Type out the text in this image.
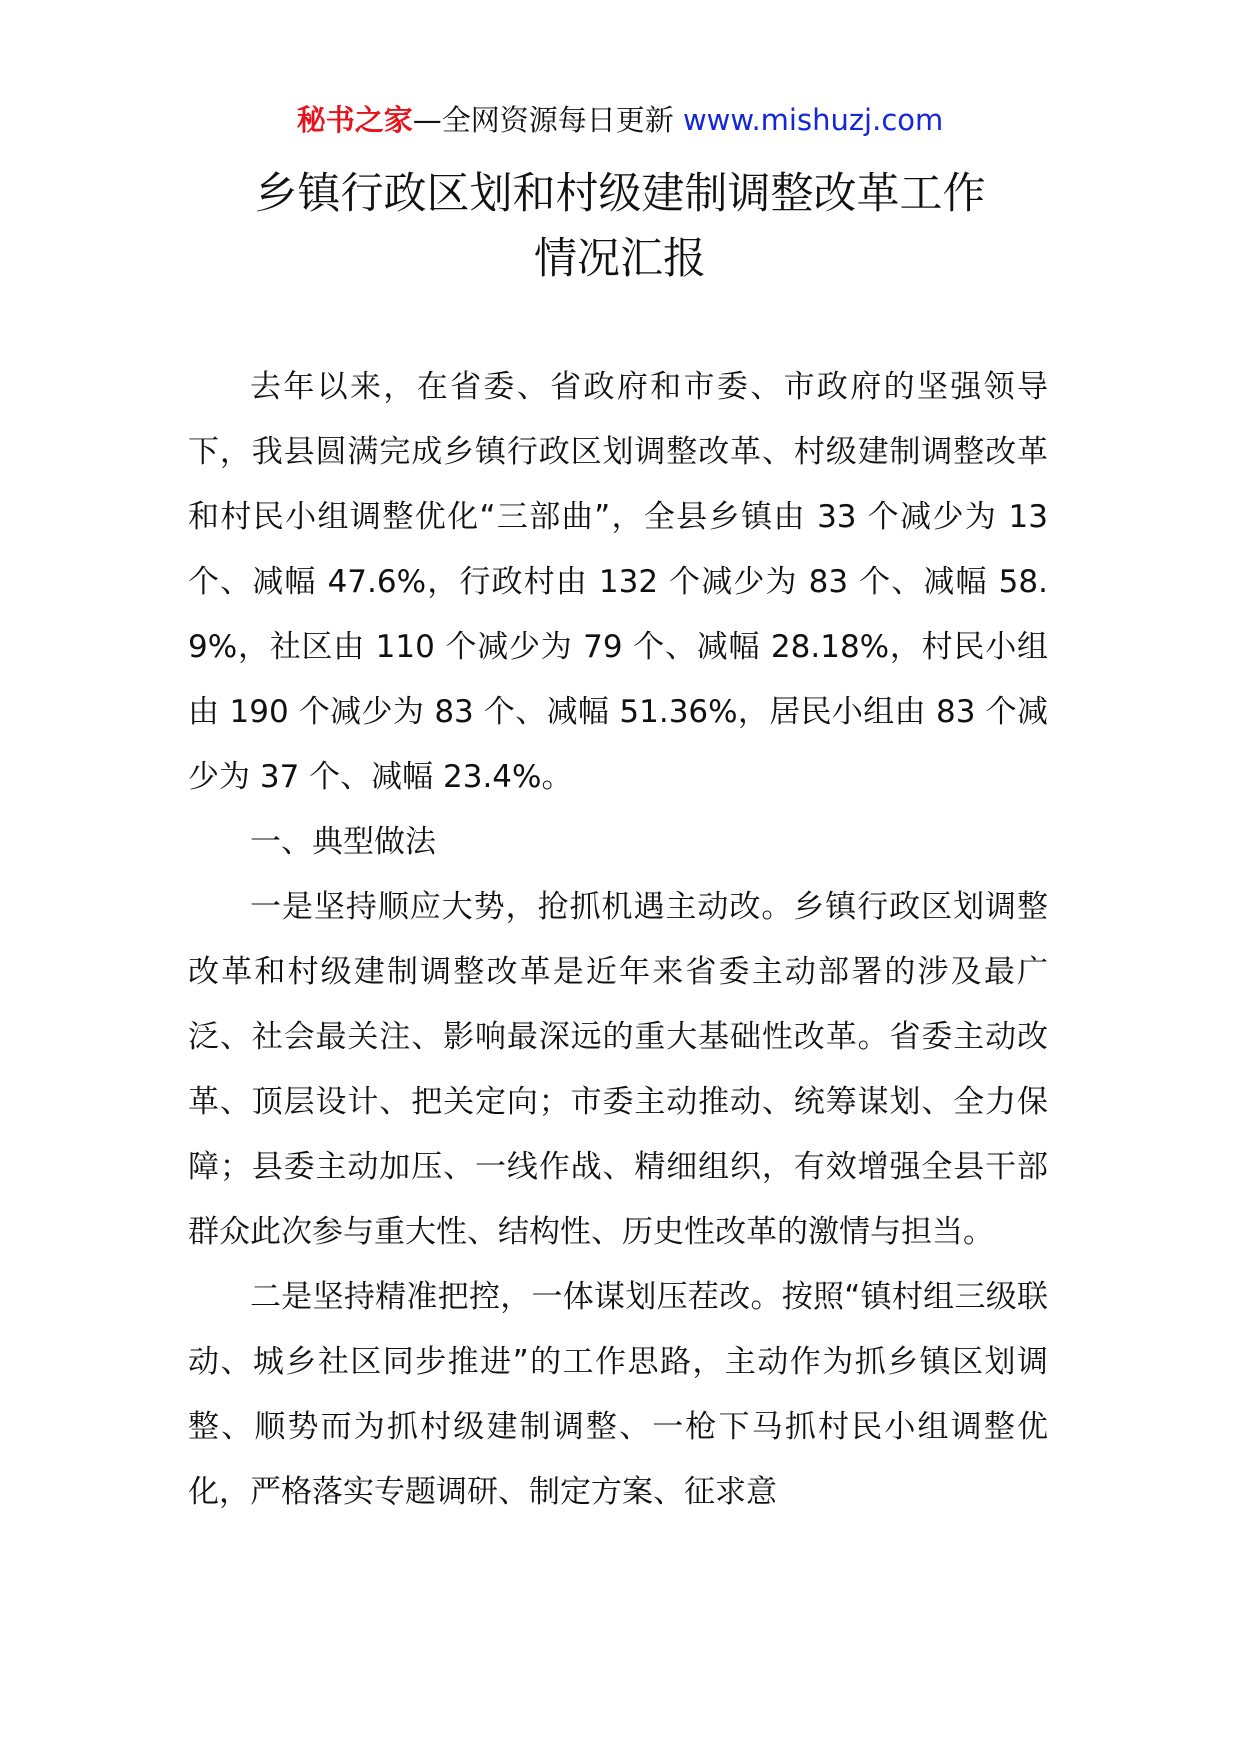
秘书之家—全网资源每日更新 www.mishuzj.com
乡镇行政区划和村级建制调整改革工作
情况汇报

去年以来，在省委、省政府和市委、市政府的坚强领导下，我县圆满完成乡镇行政区划调整改革、村级建制调整改革和村民小组调整优化“三部曲”，全县乡镇由 33 个减少为 13 个、减幅 47.6%，行政村由 132 个减少为 83 个、减幅 58.9%，社区由 110 个减少为 79 个、减幅 28.18%，村民小组由 190 个减少为 83 个、减幅 51.36%，居民小组由 83 个减少为 37 个、减幅 23.4%。

一、典型做法

一是坚持顺应大势，抢抓机遇主动改。乡镇行政区划调整改革和村级建制调整改革是近年来省委主动部署的涉及最广泛、社会最关注、影响最深远的重大基础性改革。省委主动改革、顶层设计、把关定向；市委主动推动、统筹谋划、全力保障；县委主动加压、一线作战、精细组织，有效增强全县干部群众此次参与重大性、结构性、历史性改革的激情与担当。

二是坚持精准把控，一体谋划压茬改。按照“镇村组三级联动、城乡社区同步推进”的工作思路，主动作为抓乡镇区划调整、顺势而为抓村级建制调整、一枪下马抓村民小组调整优化，严格落实专题调研、制定方案、征求意
